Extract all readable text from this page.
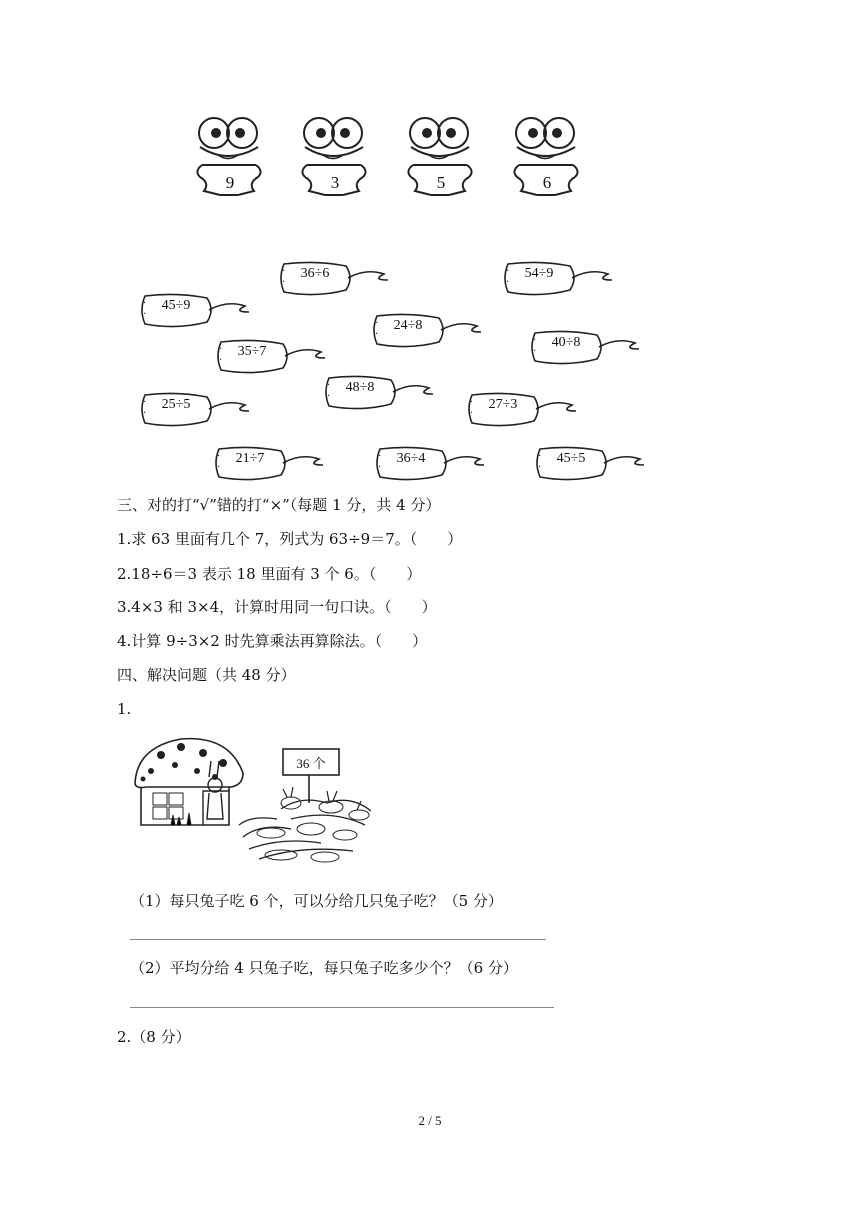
9	3	5	6
·
·
36÷6	·
·
54÷9
·
·
45÷9
·
·
24÷8
·
·
40÷8
·
·
35÷7
·
·
48÷8
·
·
25÷5	·
·
27÷3
·
·
21÷7	·
·
36÷4	·
·
45÷5
三、对的打“√”错的打“×”（每题 1 分，共 4 分）
1.求 63 里面有几个 7，列式为 63÷9＝7。（　　）
2.18÷6＝3 表示 18 里面有 3 个 6。（　　）
3.4×3 和 3×4，计算时用同一句口诀。（　　）
4.计算 9÷3×2 时先算乘法再算除法。（　　）
四、解决问题（共 48 分）
1.
36 个
（1）每只兔子吃 6 个，可以分给几只兔子吃？（5 分）
（2）平均分给 4 只兔子吃，每只兔子吃多少个？（6 分）
2.（8 分）
2 / 5
